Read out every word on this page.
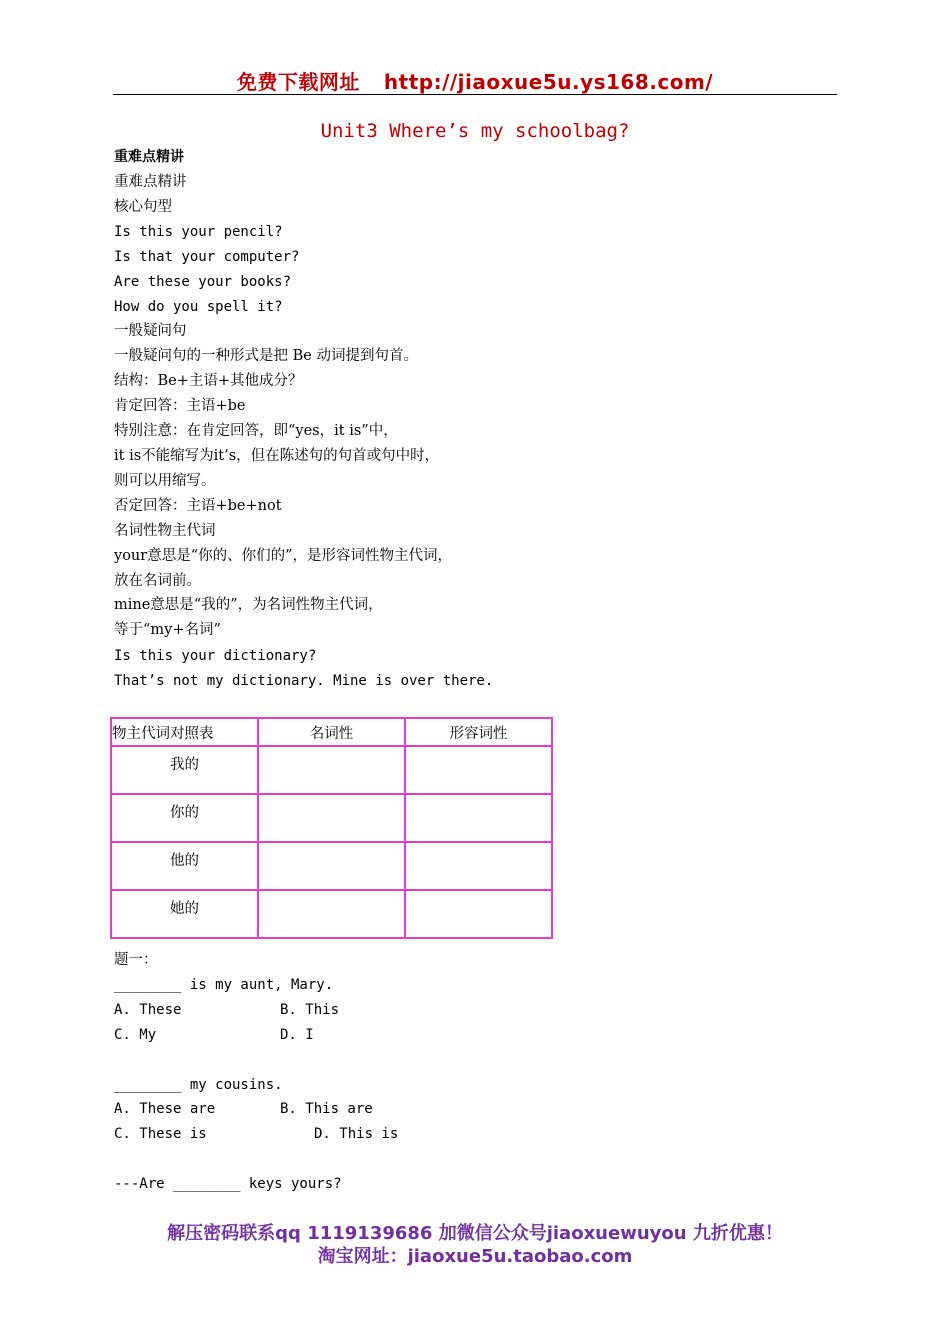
免费下载网址 http://jiaoxue5u.ys168.com/
Unit3 Where’s my schoolbag?
重难点精讲
重难点精讲
核心句型
Is this your pencil?
Is that your computer?
Are these your books?
How do you spell it?
一般疑问句
一般疑问句的一种形式是把 Be 动词提到句首。
结构：Be+主语+其他成分？
肯定回答：主语+be
特别注意：在肯定回答，即“yes，it is”中，
it is不能缩写为it’s，但在陈述句的句首或句中时，
则可以用缩写。
否定回答：主语+be+not
名词性物主代词
your意思是“你的、你们的”，是形容词性物主代词，
放在名词前。
mine意思是“我的”，为名词性物主代词，
等于“my+名词”
Is this your dictionary?
That’s not my dictionary. Mine is over there.
物主代词对照表	名词性	形容词性

我的		

你的		

他的		

她的		

题一：
________ is my aunt, Mary.
A. These	B. This
C. My	D. I
________ my cousins.
A. These are	B. This are
C. These is	D. This is
---Are ________ keys yours?
解压密码联系qq 1119139686 加微信公众号jiaoxuewuyou 九折优惠！
淘宝网址：jiaoxue5u.taobao.com
